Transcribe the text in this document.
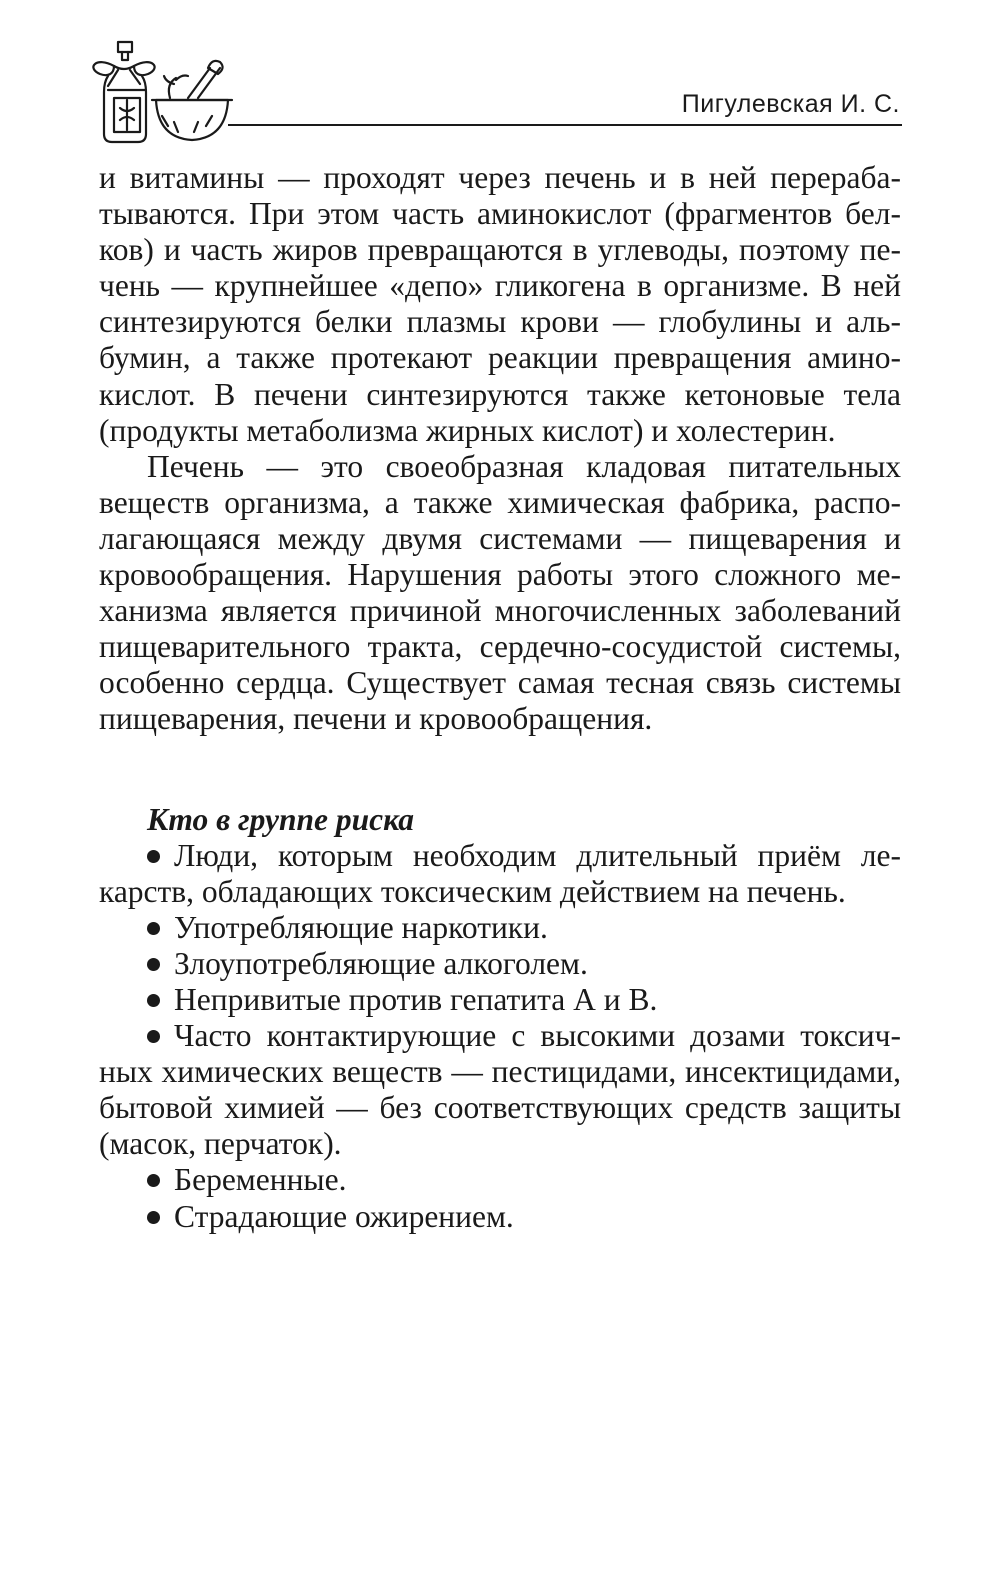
Пигулевская И. С.
и витамины — проходят через печень и в ней перераба-
тываются. При этом часть аминокислот (фрагментов бел-
ков) и часть жиров превращаются в углеводы, поэтому пе-
чень — крупнейшее «депо» гликогена в организме. В ней
синтезируются белки плазмы крови — глобулины и аль-
бумин, а также протекают реакции превращения амино-
кислот. В печени синтезируются также кетоновые тела
(продукты метаболизма жирных кислот) и холестерин.
Печень — это своеобразная кладовая питательных
веществ организма, а также химическая фабрика, распо-
лагающаяся между двумя системами — пищеварения и
кровообращения. Нарушения работы этого сложного ме-
ханизма является причиной многочисленных заболеваний
пищеварительного тракта, сердечно-сосудистой системы,
особенно сердца. Существует самая тесная связь системы
пищеварения, печени и кровообращения.
Кто в группе риска
Люди, которым необходим длительный приём ле-
карств, обладающих токсическим действием на печень.
Употребляющие наркотики.
Злоупотребляющие алкоголем.
Непривитые против гепатита А и В.
Часто контактирующие с высокими дозами токсич-
ных химических веществ — пестицидами, инсектицидами,
бытовой химией — без соответствующих средств защиты
(масок, перчаток).
Беременные.
Страдающие ожирением.
